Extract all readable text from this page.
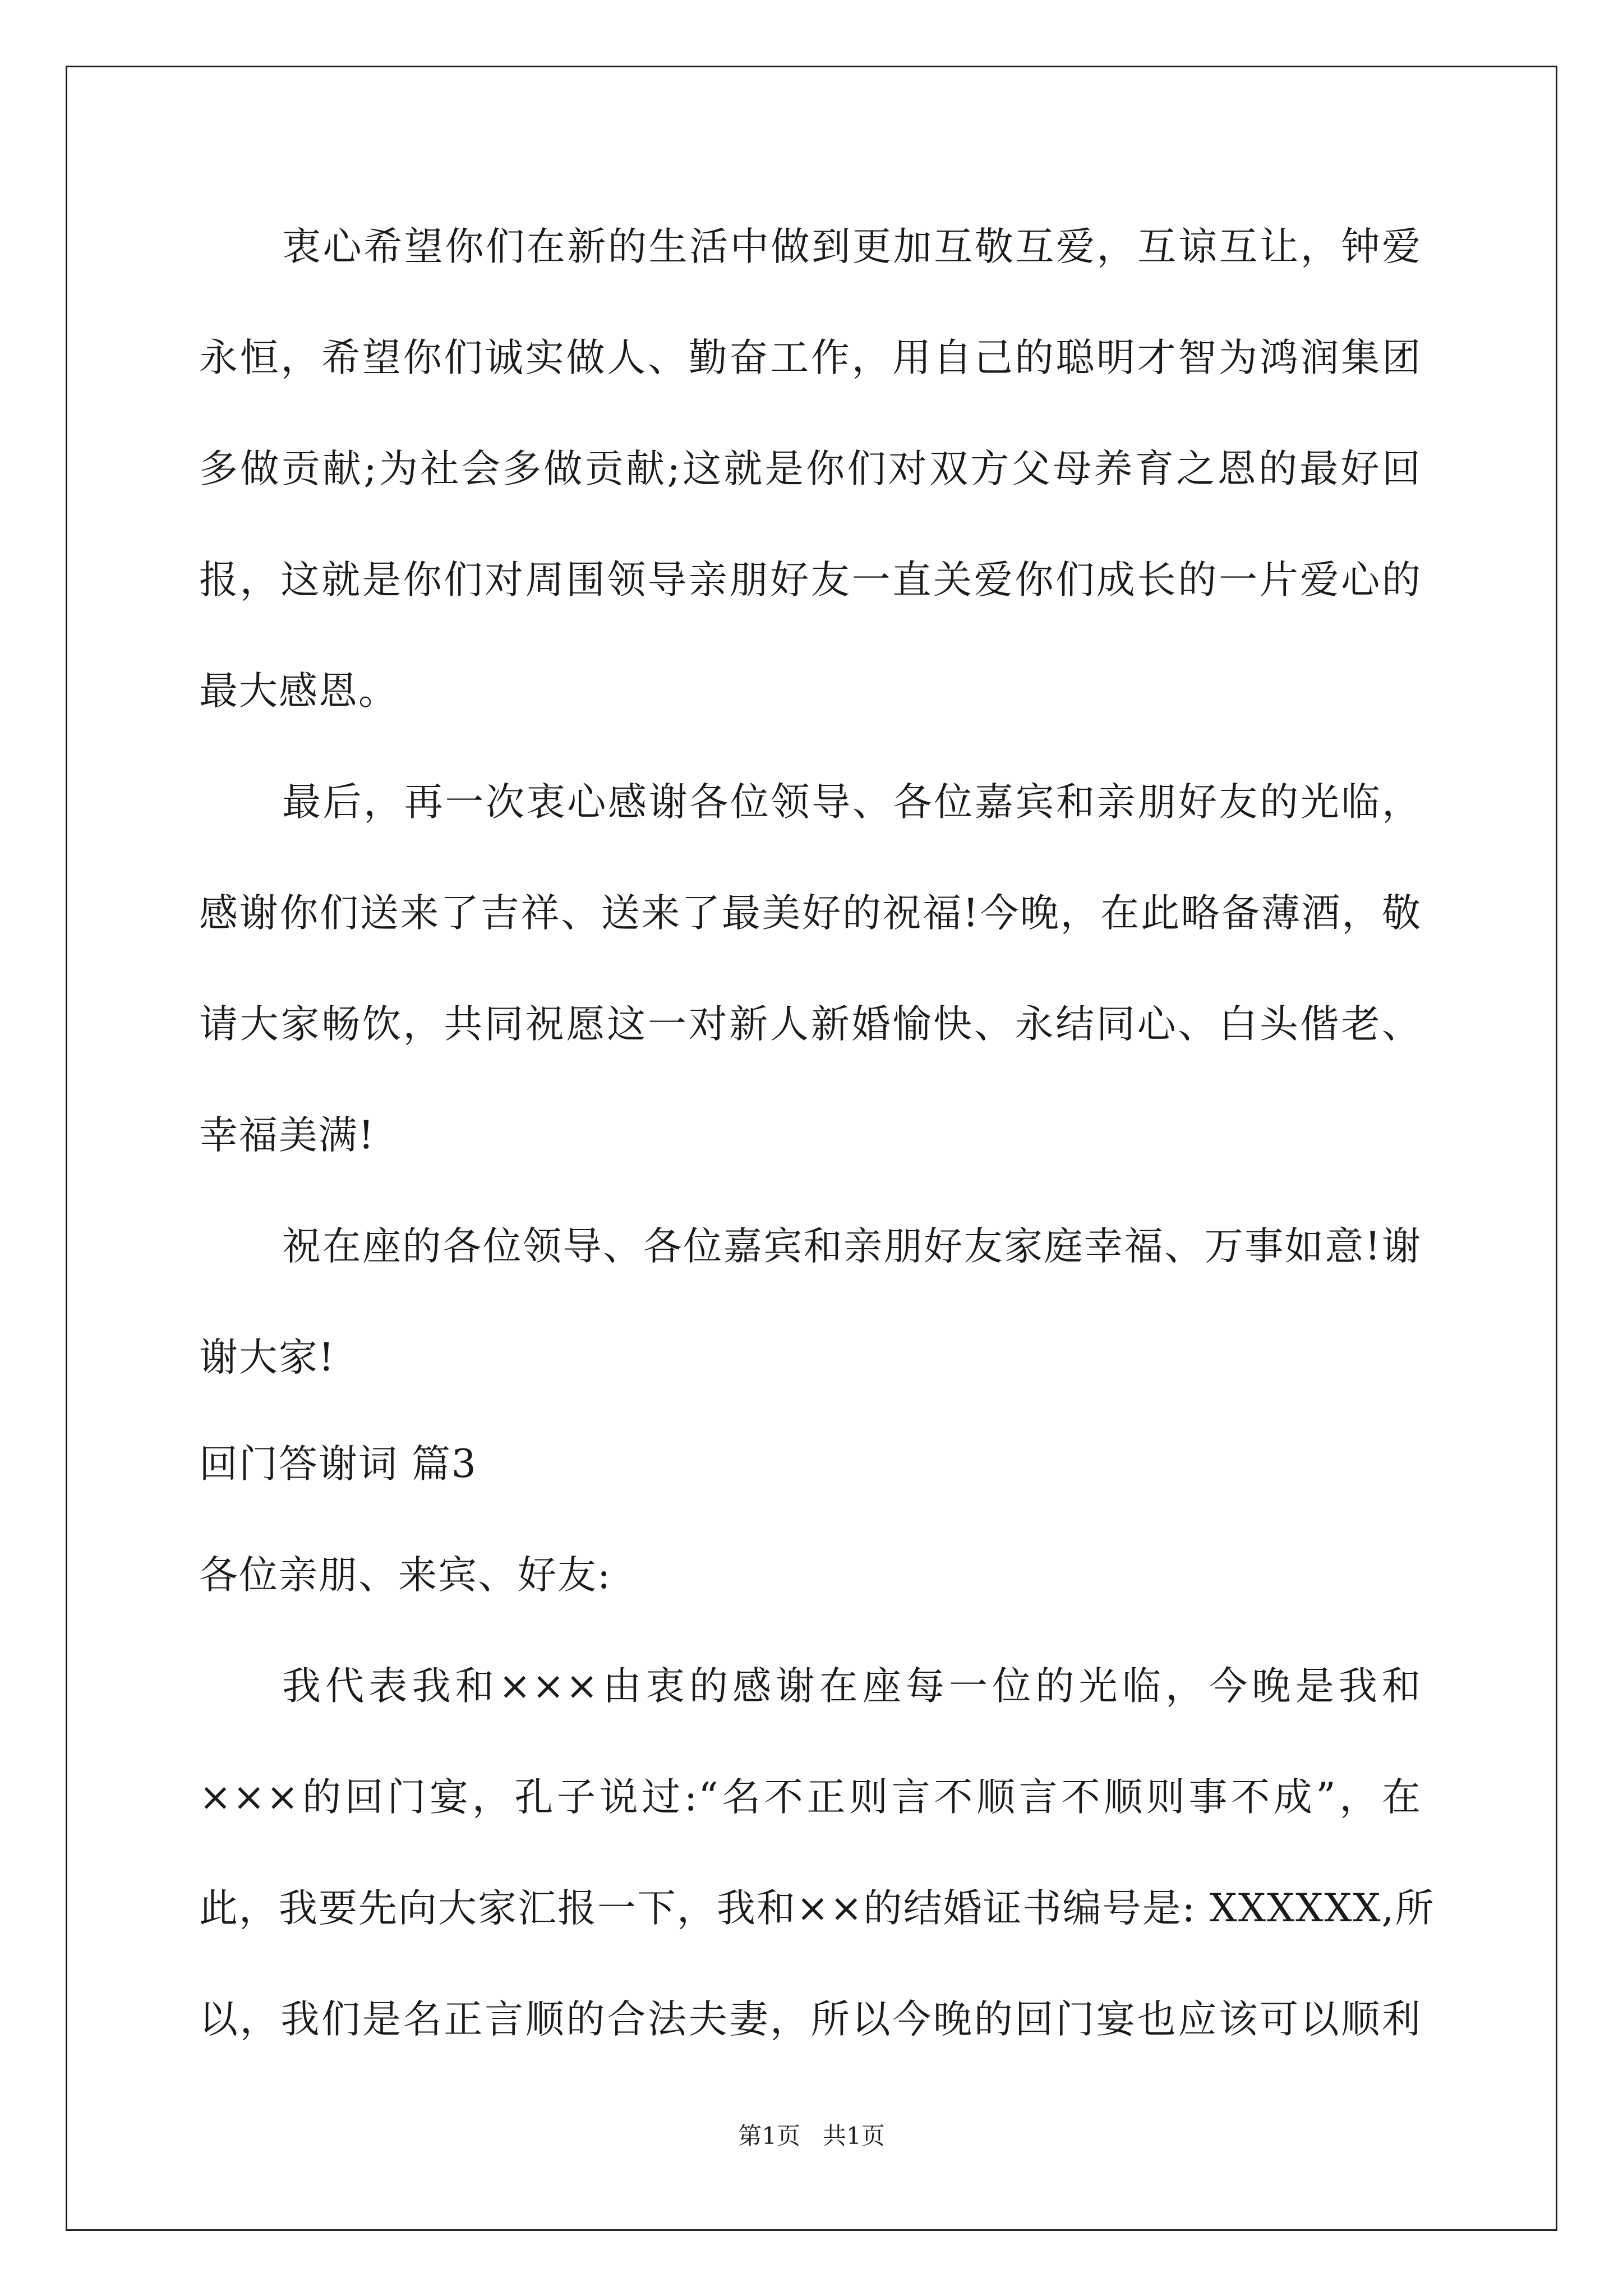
衷心希望你们在新的生活中做到更加互敬互爱，互谅互让，钟爱
永恒，希望你们诚实做人、勤奋工作，用自己的聪明才智为鸿润集团
多做贡献;为社会多做贡献;这就是你们对双方父母养育之恩的最好回
报，这就是你们对周围领导亲朋好友一直关爱你们成长的一片爱心的
最大感恩。
最后，再一次衷心感谢各位领导、各位嘉宾和亲朋好友的光临，
感谢你们送来了吉祥、送来了最美好的祝福!今晚，在此略备薄酒，敬
请大家畅饮，共同祝愿这一对新人新婚愉快、永结同心、白头偕老、
幸福美满!
祝在座的各位领导、各位嘉宾和亲朋好友家庭幸福、万事如意!谢
谢大家!
回门答谢词 篇3
各位亲朋、来宾、好友:
我代表我和×××由衷的感谢在座每一位的光临，今晚是我和
×××的回门宴，孔子说过:“名不正则言不顺言不顺则事不成”，在
此，我要先向大家汇报一下，我和××的结婚证书编号是: XXXXXX,所
以，我们是名正言顺的合法夫妻，所以今晚的回门宴也应该可以顺利
第1页   共1页
